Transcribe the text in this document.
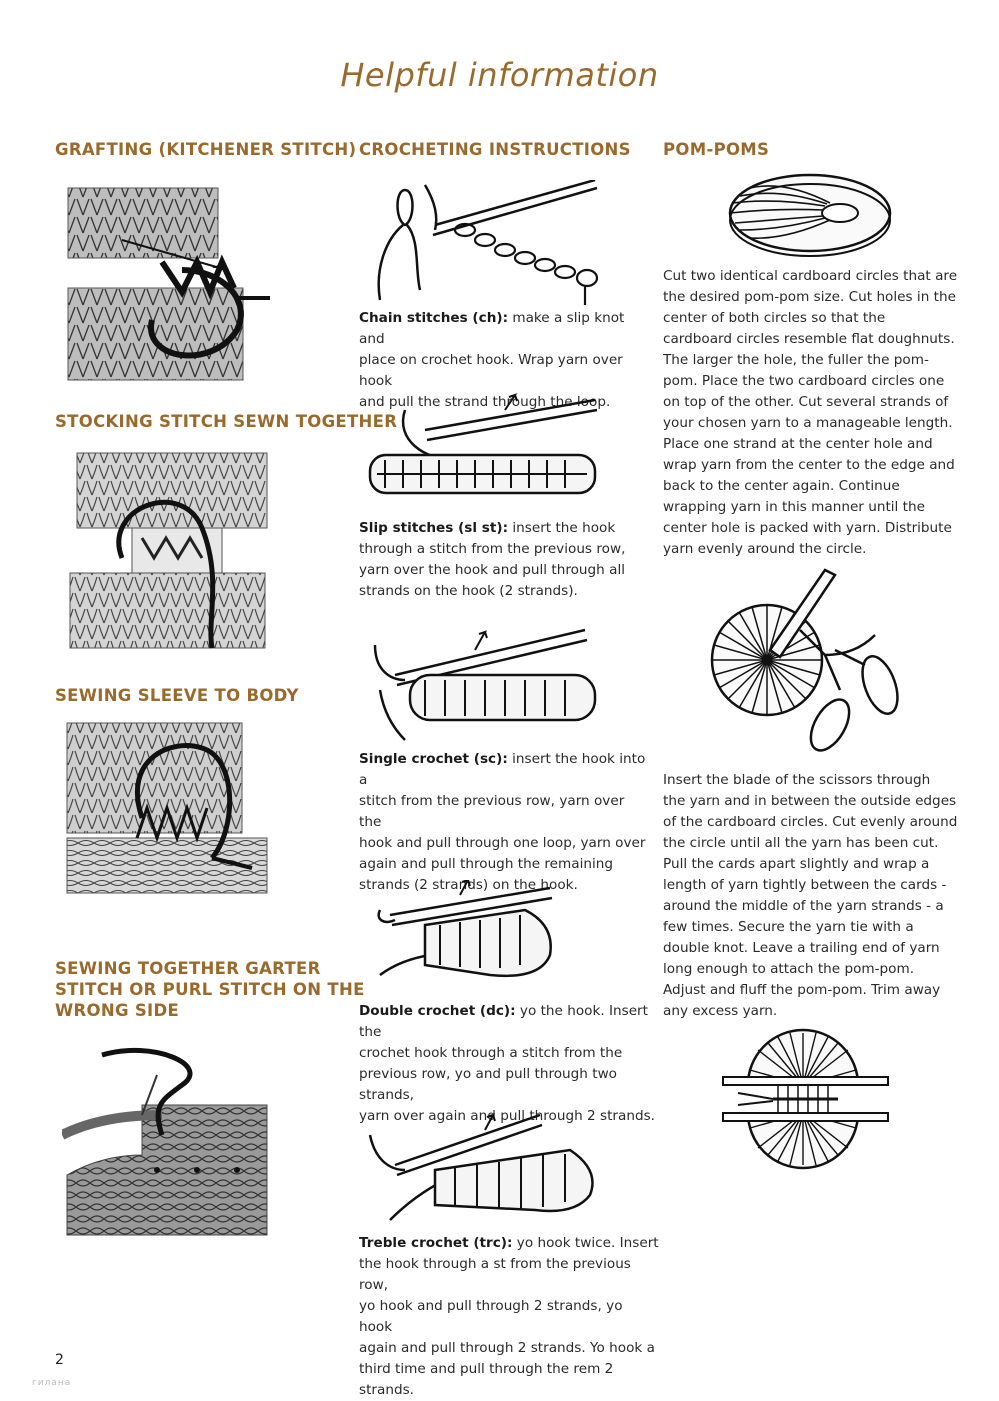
Helpful information
GRAFTING (KITCHENER STITCH)
STOCKING STITCH SEWN TOGETHER
SEWING SLEEVE TO BODY
SEWING TOGETHER GARTER
STITCH OR PURL STITCH ON THE
WRONG SIDE
CROCHETING INSTRUCTIONS
Chain stitches (ch): make a slip knot and
place on crochet hook. Wrap yarn over hook
and pull the strand through the loop.
Slip stitches (sl st): insert the hook
through a stitch from the previous row,
yarn over the hook and pull through all
strands on the hook (2 strands).
Single crochet (sc): insert the hook into a
stitch from the previous row, yarn over the
hook and pull through one loop, yarn over
again and pull through the remaining
strands (2 strands) on the hook.
Double crochet (dc): yo the hook. Insert the
crochet hook through a stitch from the
previous row, yo and pull through two strands,
yarn over again and pull through 2 strands.
Treble crochet (trc): yo hook twice. Insert
the hook through a st from the previous row,
yo hook and pull through 2 strands, yo hook
again and pull through 2 strands. Yo hook a
third time and pull through the rem 2 strands.
POM-POMS
Cut two identical cardboard circles that are
the desired pom-pom size. Cut holes in the
center of both circles so that the
cardboard circles resemble flat doughnuts.
The larger the hole, the fuller the pom-
pom. Place the two cardboard circles one
on top of the other. Cut several strands of
your chosen yarn to a manageable length.
Place one strand at the center hole and
wrap yarn from the center to the edge and
back to the center again. Continue
wrapping yarn in this manner until the
center hole is packed with yarn. Distribute
yarn evenly around the circle.
Insert the blade of the scissors through
the yarn and in between the outside edges
of the cardboard circles. Cut evenly around
the circle until all the yarn has been cut.
Pull the cards apart slightly and wrap a
length of yarn tightly between the cards -
around the middle of the yarn strands - a
few times. Secure the yarn tie with a
double knot. Leave a trailing end of yarn
long enough to attach the pom-pom.
Adjust and fluff the pom-pom. Trim away
any excess yarn.
2
гилана
